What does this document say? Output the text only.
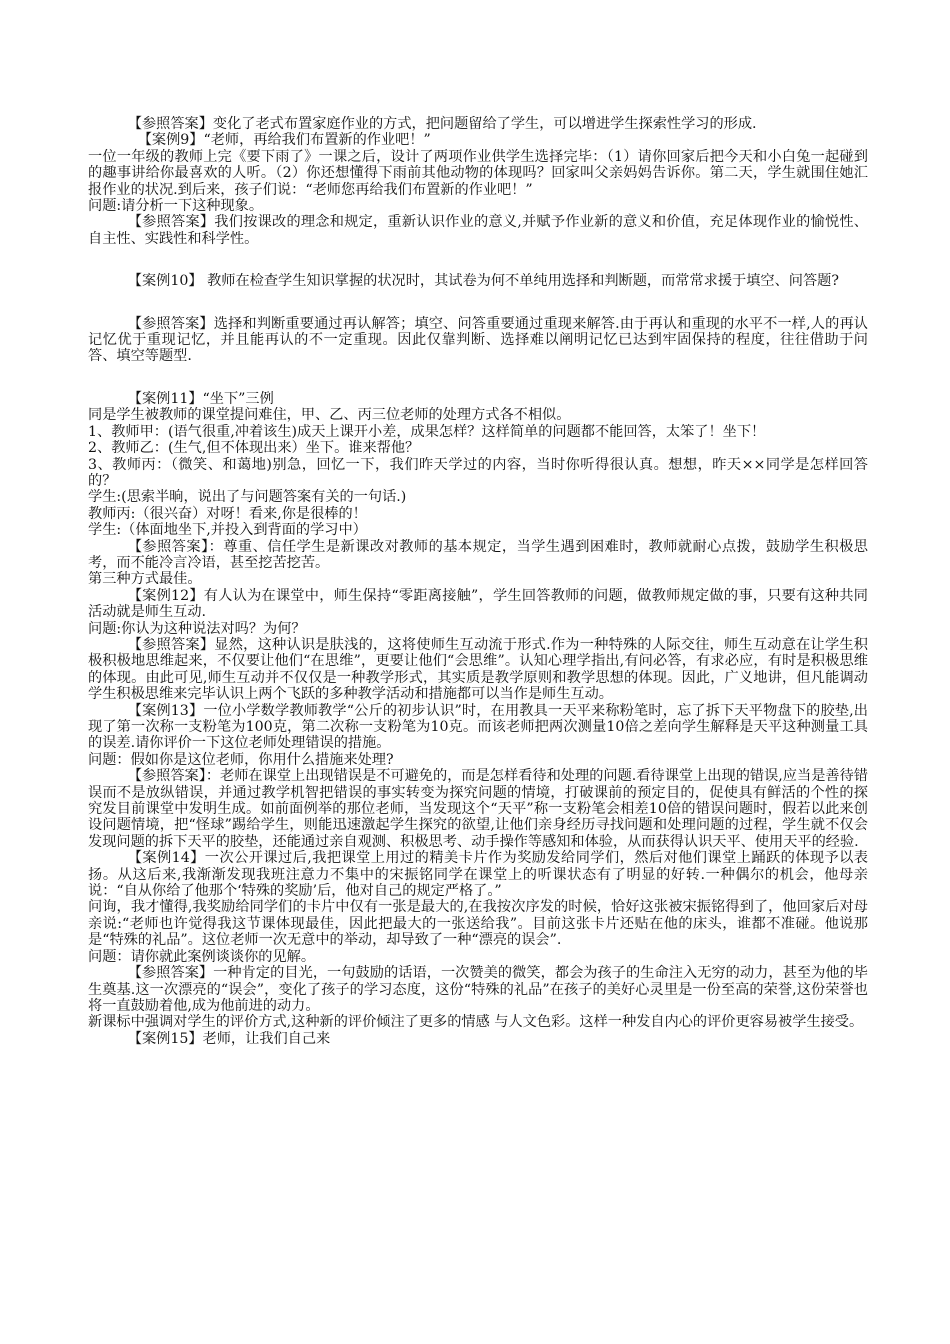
【参照答案】变化了老式布置家庭作业的方式，把问题留给了学生，可以增进学生探索性学习的形成.

【案例9】“老师，再给我们布置新的作业吧！”

一位一年级的教师上完《要下雨了》一课之后，设计了两项作业供学生选择完毕：（1）请你回家后把今天和小白兔一起碰到的趣事讲给你最喜欢的人听。（2）你还想懂得下雨前其他动物的体现吗？回家叫父亲妈妈告诉你。第二天，学生就围住她汇报作业的状况.到后来，孩子们说：“老师您再给我们布置新的作业吧！”

问题:请分析一下这种现象。

【参照答案】我们按课改的理念和规定，重新认识作业的意义,并赋予作业新的意义和价值，充足体现作业的愉悦性、自主性、实践性和科学性。

【案例10】 教师在检查学生知识掌握的状况时，其试卷为何不单纯用选择和判断题，而常常求援于填空、问答题?

【参照答案】选择和判断重要通过再认解答；填空、问答重要通过重现来解答.由于再认和重现的水平不一样,人的再认记忆优于重现记忆，并且能再认的不一定重现。因此仅靠判断、选择难以阐明记忆已达到牢固保持的程度，往往借助于问答、填空等题型.

【案例11】“坐下”三例

同是学生被教师的课堂提问难住，甲、乙、丙三位老师的处理方式各不相似。

1、教师甲：(语气很重,冲着该生)成天上课开小差，成果怎样？这样简单的问题都不能回答，太笨了！坐下！

2、教师乙：(生气,但不体现出来）坐下。谁来帮他？

3、教师丙：（微笑、和蔼地)别急，回忆一下，我们昨天学过的内容，当时你听得很认真。想想，昨天××同学是怎样回答的？

学生:(思索半晌，说出了与问题答案有关的一句话.)

教师丙:（很兴奋）对呀！看来,你是很棒的！

学生:（体面地坐下,并投入到背面的学习中）

【参照答案】：尊重、信任学生是新课改对教师的基本规定，当学生遇到困难时，教师就耐心点拨，鼓励学生积极思考，而不能冷言冷语，甚至挖苦挖苦。

第三种方式最佳。

【案例12】有人认为在课堂中，师生保持“零距离接触”，学生回答教师的问题，做教师规定做的事，只要有这种共同活动就是师生互动.

问题:你认为这种说法对吗？为何？

【参照答案】显然，这种认识是肤浅的，这将使师生互动流于形式.作为一种特殊的人际交往，师生互动意在让学生积极积极地思维起来，不仅要让他们“在思维”，更要让他们“会思维”。认知心理学指出,有问必答，有求必应，有时是积极思维的体现。由此可见,师生互动并不仅仅是一种教学形式，其实质是教学原则和教学思想的体现。因此，广义地讲，但凡能调动学生积极思维来完毕认识上两个飞跃的多种教学活动和措施都可以当作是师生互动。

【案例13】一位小学数学教师教学“公斤的初步认识”时，在用教具一天平来称粉笔时，忘了拆下天平物盘下的胶垫,出现了第一次称一支粉笔为100克，第二次称一支粉笔为10克。而该老师把两次测量10倍之差向学生解释是天平这种测量工具的误差.请你评价一下这位老师处理错误的措施。

问题：假如你是这位老师，你用什么措施来处理?

【参照答案】：老师在课堂上出现错误是不可避免的，而是怎样看待和处理的问题.看待课堂上出现的错误,应当是善待错误而不是放纵错误，并通过教学机智把错误的事实转变为探究问题的情境，打破课前的预定目的，促使具有鲜活的个性的探究发目前课堂中发明生成。如前面例举的那位老师，当发现这个“天平”称一支粉笔会相差10倍的错误问题时，假若以此来创设问题情境，把“怪球”踢给学生，则能迅速激起学生探究的欲望,让他们亲身经历寻找问题和处理问题的过程，学生就不仅会发现问题的拆下天平的胶垫，还能通过亲自观测、积极思考、动手操作等感知和体验，从而获得认识天平、使用天平的经验.

【案例14】一次公开课过后,我把课堂上用过的精美卡片作为奖励发给同学们，然后对他们课堂上踊跃的体现予以表扬。从这后来,我渐渐发现我班注意力不集中的宋振铭同学在课堂上的听课状态有了明显的好转.一种偶尔的机会，他母亲说：“自从你给了他那个‘特殊的奖励’后，他对自己的规定严格了。”

问询，我才懂得,我奖励给同学们的卡片中仅有一张是最大的,在我按次序发的时候，恰好这张被宋振铭得到了，他回家后对母亲说:“老师也许觉得我这节课体现最佳，因此把最大的一张送给我”。目前这张卡片还贴在他的床头，谁都不准碰。他说那是“特殊的礼品”。这位老师一次无意中的举动，却导致了一种“漂亮的误会”.

问题：请你就此案例谈谈你的见解。

【参照答案】一种肯定的目光，一句鼓励的话语，一次赞美的微笑，都会为孩子的生命注入无穷的动力，甚至为他的毕生奠基.这一次漂亮的“误会”，变化了孩子的学习态度，这份“特殊的礼品”在孩子的美好心灵里是一份至高的荣誉,这份荣誉也将一直鼓励着他,成为他前进的动力。

新课标中强调对学生的评价方式,这种新的评价倾注了更多的情感 与人文色彩。这样一种发自内心的评价更容易被学生接受。

【案例15】老师，让我们自己来
